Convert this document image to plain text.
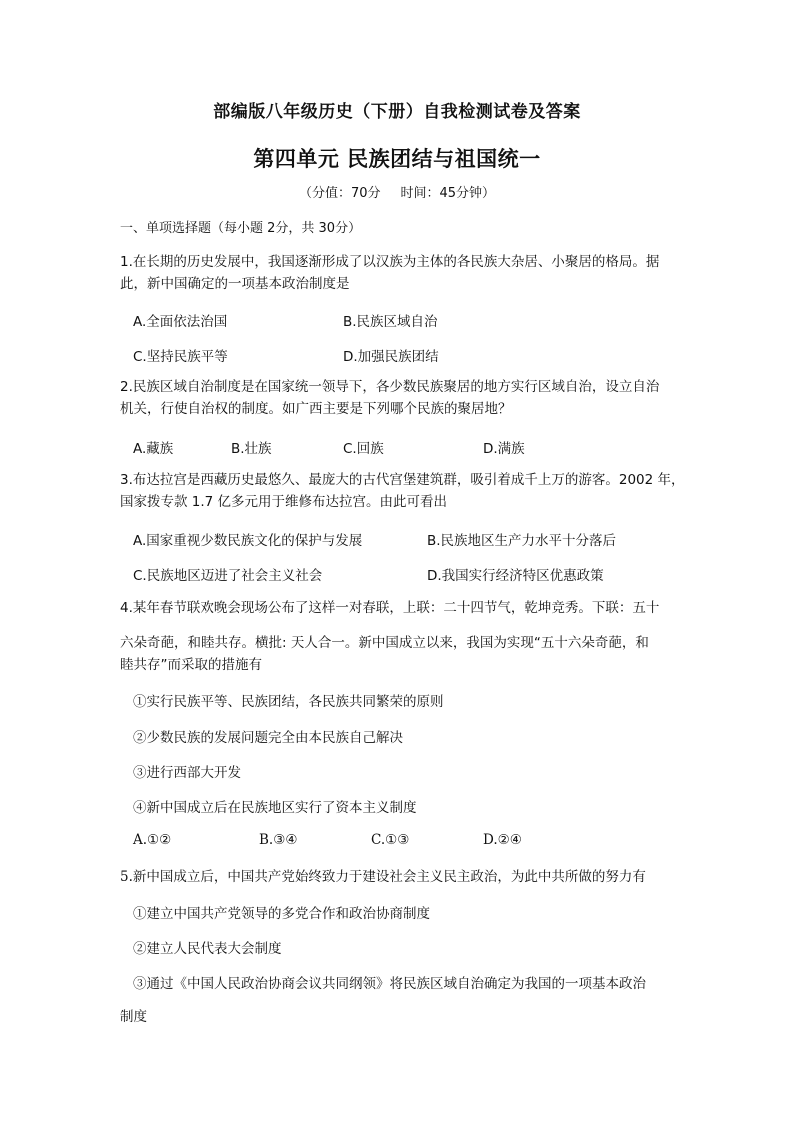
部编版八年级历史（下册）自我检测试卷及答案
第四单元 民族团结与祖国统一
（分值：70分 时间：45分钟）
一、单项选择题（每小题 2分，共 30分）
1.在长期的历史发展中，我国逐渐形成了以汉族为主体的各民族大杂居、小聚居的格局。据
此，新中国确定的一项基本政治制度是
A.全面依法治国	B.民族区域自治
C.坚持民族平等	D.加强民族团结
2.民族区域自治制度是在国家统一领导下，各少数民族聚居的地方实行区域自治，设立自治
机关，行使自治权的制度。如广西主要是下列哪个民族的聚居地？
A.藏族	B.壮族	C.回族	D.满族
3.布达拉宫是西藏历史最悠久、最庞大的古代宫堡建筑群，吸引着成千上万的游客。2002 年，
国家拨专款 1.7 亿多元用于维修布达拉宫。由此可看出
A.国家重视少数民族文化的保护与发展	B.民族地区生产力水平十分落后
C.民族地区迈进了社会主义社会	D.我国实行经济特区优惠政策
4.某年春节联欢晚会现场公布了这样一对春联，上联：二十四节气，乾坤竞秀。下联：五十
六朵奇葩，和睦共存。横批: 天人合一。新中国成立以来，我国为实现“五十六朵奇葩，和
睦共存”而采取的措施有
①实行民族平等、民族团结，各民族共同繁荣的原则
②少数民族的发展问题完全由本民族自己解决
③进行西部大开发
④新中国成立后在民族地区实行了资本主义制度
A.①②	B.③④	C.①③	D.②④
5.新中国成立后，中国共产党始终致力于建设社会主义民主政治，为此中共所做的努力有
①建立中国共产党领导的多党合作和政治协商制度
②建立人民代表大会制度
③通过《中国人民政治协商会议共同纲领》将民族区域自治确定为我国的一项基本政治
制度
